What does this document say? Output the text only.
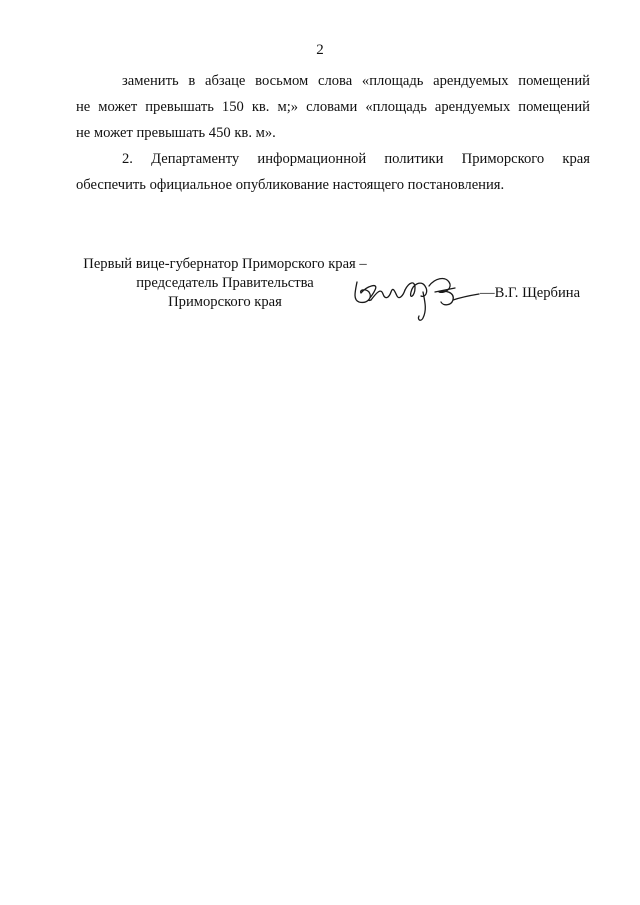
2
заменить в абзаце восьмом слова «площадь арендуемых помещений
не может превышать 150 кв. м;» словами «площадь арендуемых помещений
не может превышать 450 кв. м».
2. Департаменту информационной политики Приморского края
обеспечить официальное опубликование настоящего постановления.
Первый вице-губернатор Приморского края –
председатель Правительства
Приморского края
—В.Г. Щербина
